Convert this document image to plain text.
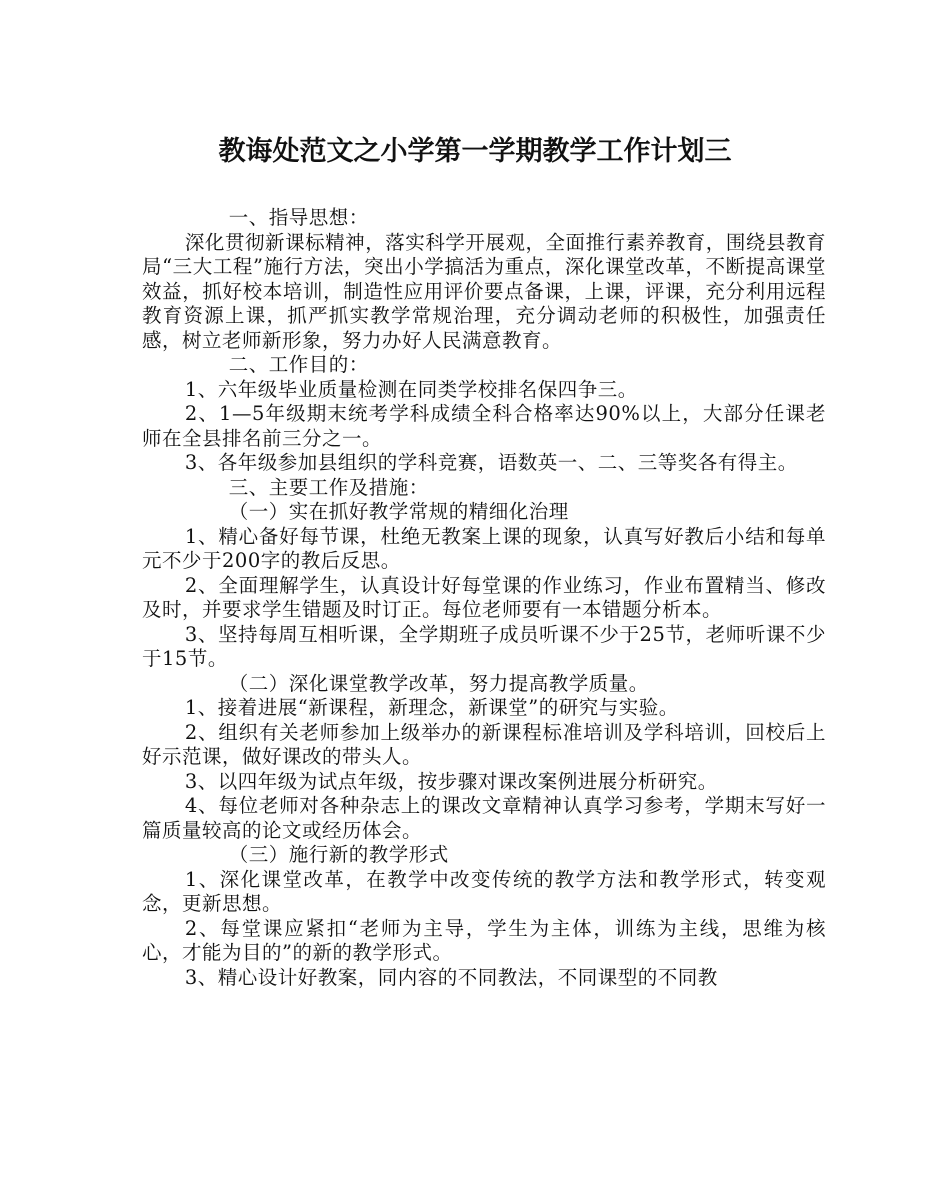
教诲处范文之小学第一学期教学工作计划三

一、指导思想：

深化贯彻新课标精神，落实科学开展观，全面推行素养教育，围绕县教育局“三大工程”施行方法，突出小学搞活为重点，深化课堂改革，不断提高课堂效益，抓好校本培训，制造性应用评价要点备课，上课，评课，充分利用远程教育资源上课，抓严抓实教学常规治理，充分调动老师的积极性，加强责任感，树立老师新形象，努力办好人民满意教育。

二、工作目的：

1、六年级毕业质量检测在同类学校排名保四争三。

2、1—5年级期末统考学科成绩全科合格率达90%以上，大部分任课老师在全县排名前三分之一。

3、各年级参加县组织的学科竞赛，语数英一、二、三等奖各有得主。

三、主要工作及措施：

（一）实在抓好教学常规的精细化治理

1、精心备好每节课，杜绝无教案上课的现象，认真写好教后小结和每单元不少于200字的教后反思。

2、全面理解学生，认真设计好每堂课的作业练习，作业布置精当、修改及时，并要求学生错题及时订正。每位老师要有一本错题分析本。

3、坚持每周互相听课，全学期班子成员听课不少于25节，老师听课不少于15节。

（二）深化课堂教学改革，努力提高教学质量。

1、接着进展“新课程，新理念，新课堂”的研究与实验。

2、组织有关老师参加上级举办的新课程标准培训及学科培训，回校后上好示范课，做好课改的带头人。

3、以四年级为试点年级，按步骤对课改案例进展分析研究。

4、每位老师对各种杂志上的课改文章精神认真学习参考，学期末写好一篇质量较高的论文或经历体会。

（三）施行新的教学形式

1、深化课堂改革，在教学中改变传统的教学方法和教学形式，转变观念，更新思想。

2、每堂课应紧扣“老师为主导，学生为主体，训练为主线，思维为核心，才能为目的”的新的教学形式。

3、精心设计好教案，同内容的不同教法，不同课型的不同教
